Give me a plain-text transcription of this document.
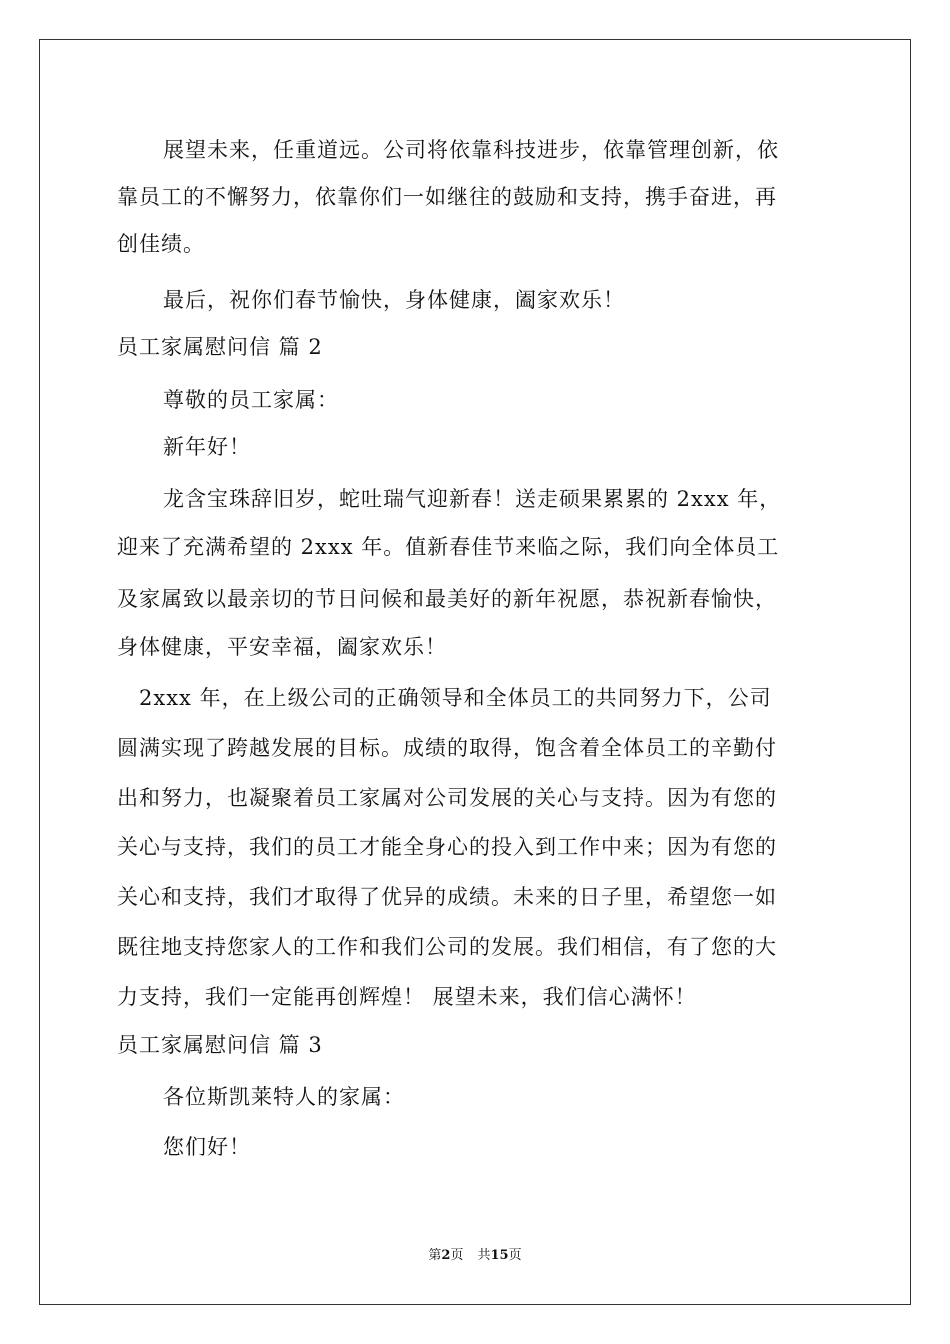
展望未来，任重道远。公司将依靠科技进步，依靠管理创新，依
靠员工的不懈努力，依靠你们一如继往的鼓励和支持，携手奋进，再
创佳绩。
最后，祝你们春节愉快，身体健康，阖家欢乐！
员工家属慰问信 篇 2
尊敬的员工家属：
新年好！
龙含宝珠辞旧岁，蛇吐瑞气迎新春！送走硕果累累的 2xxx 年，
迎来了充满希望的 2xxx 年。值新春佳节来临之际，我们向全体员工
及家属致以最亲切的节日问候和最美好的新年祝愿，恭祝新春愉快，
身体健康，平安幸福，阖家欢乐！
2xxx 年，在上级公司的正确领导和全体员工的共同努力下，公司
圆满实现了跨越发展的目标。成绩的取得，饱含着全体员工的辛勤付
出和努力，也凝聚着员工家属对公司发展的关心与支持。因为有您的
关心与支持，我们的员工才能全身心的投入到工作中来；因为有您的
关心和支持，我们才取得了优异的成绩。未来的日子里，希望您一如
既往地支持您家人的工作和我们公司的发展。我们相信，有了您的大
力支持，我们一定能再创辉煌！ 展望未来，我们信心满怀！
员工家属慰问信 篇 3
各位斯凯莱特人的家属：
您们好！
第2页 共15页
